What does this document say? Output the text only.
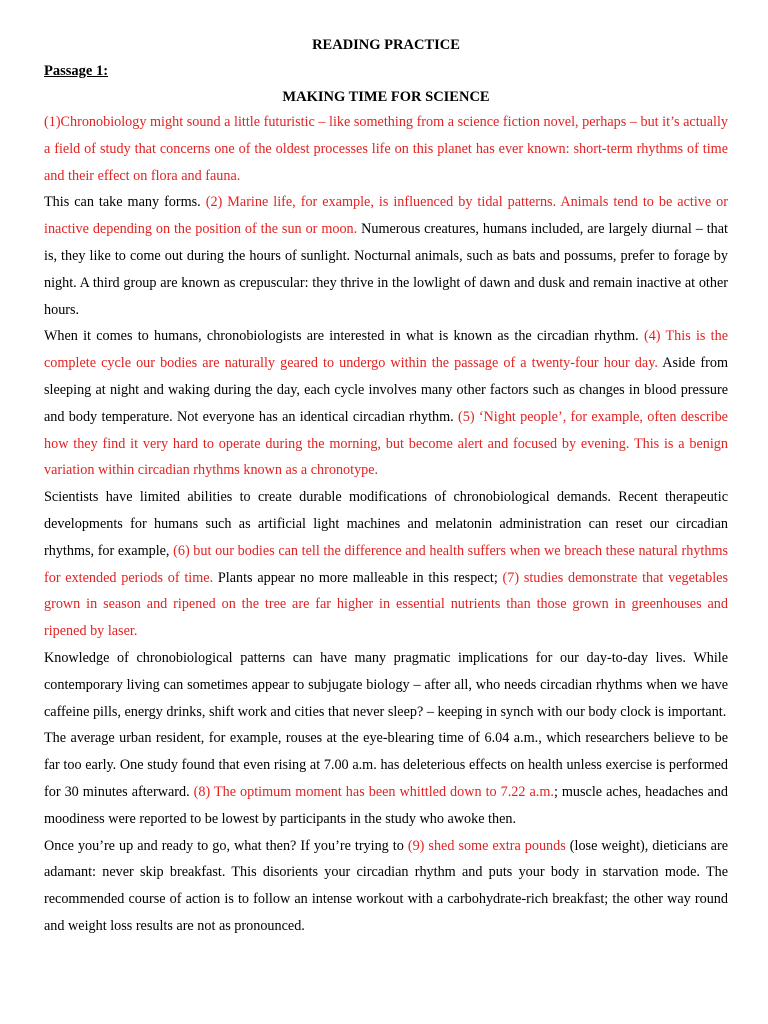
READING PRACTICE
Passage 1:
MAKING TIME FOR SCIENCE

(1)Chronobiology might sound a little futuristic – like something from a science fiction novel, perhaps – but it’s actually a field of study that concerns one of the oldest processes life on this planet has ever known: short-term rhythms of time and their effect on flora and fauna.

This can take many forms. (2) Marine life, for example, is influenced by tidal patterns. Animals tend to be active or inactive depending on the position of the sun or moon. Numerous creatures, humans included, are largely diurnal – that is, they like to come out during the hours of sunlight. Nocturnal animals, such as bats and possums, prefer to forage by night. A third group are known as crepuscular: they thrive in the lowlight of dawn and dusk and remain inactive at other hours.

When it comes to humans, chronobiologists are interested in what is known as the circadian rhythm. (4) This is the complete cycle our bodies are naturally geared to undergo within the passage of a twenty-four hour day. Aside from sleeping at night and waking during the day, each cycle involves many other factors such as changes in blood pressure and body temperature. Not everyone has an identical circadian rhythm. (5) ‘Night people’, for example, often describe how they find it very hard to operate during the morning, but become alert and focused by evening. This is a benign variation within circadian rhythms known as a chronotype.

Scientists have limited abilities to create durable modifications of chronobiological demands. Recent therapeutic developments for humans such as artificial light machines and melatonin administration can reset our circadian rhythms, for example, (6) but our bodies can tell the difference and health suffers when we breach these natural rhythms for extended periods of time. Plants appear no more malleable in this respect; (7) studies demonstrate that vegetables grown in season and ripened on the tree are far higher in essential nutrients than those grown in greenhouses and ripened by laser.

Knowledge of chronobiological patterns can have many pragmatic implications for our day-to-day lives. While contemporary living can sometimes appear to subjugate biology – after all, who needs circadian rhythms when we have caffeine pills, energy drinks, shift work and cities that never sleep? – keeping in synch with our body clock is important.

The average urban resident, for example, rouses at the eye-blearing time of 6.04 a.m., which researchers believe to be far too early. One study found that even rising at 7.00 a.m. has deleterious effects on health unless exercise is performed for 30 minutes afterward. (8) The optimum moment has been whittled down to 7.22 a.m.; muscle aches, headaches and moodiness were reported to be lowest by participants in the study who awoke then.

Once you’re up and ready to go, what then? If you’re trying to (9) shed some extra pounds (lose weight), dieticians are adamant: never skip breakfast. This disorients your circadian rhythm and puts your body in starvation mode. The recommended course of action is to follow an intense workout with a carbohydrate-rich breakfast; the other way round and weight loss results are not as pronounced.
